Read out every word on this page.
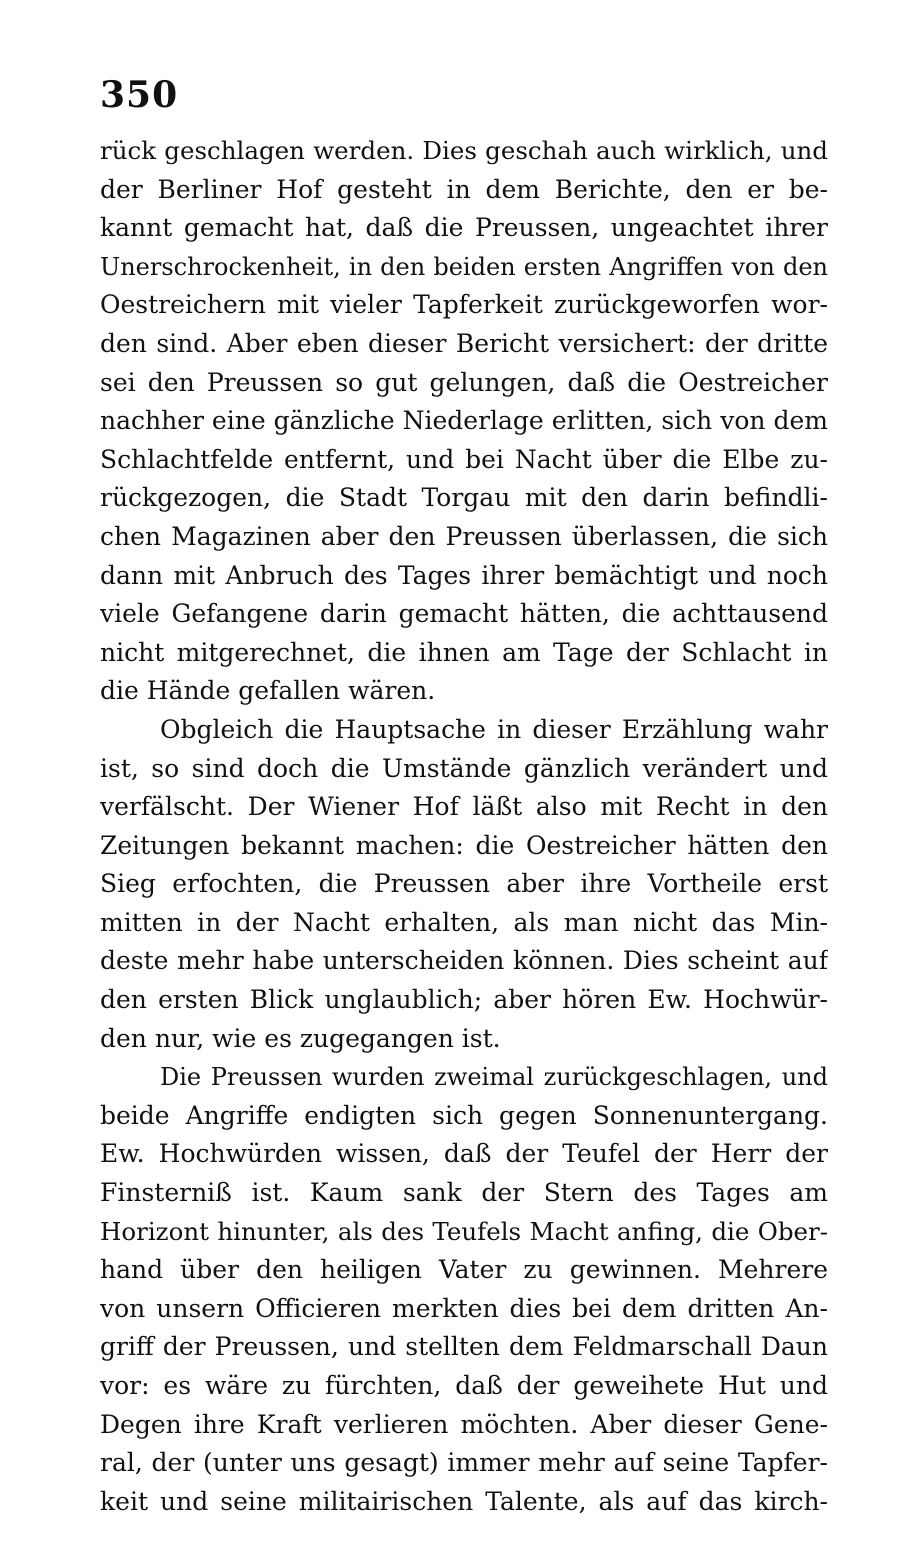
350
rück geschlagen werden. Dies geschah auch wirklich, und
der Berliner Hof gesteht in dem Berichte, den er be-
kannt gemacht hat, daß die Preussen, ungeachtet ihrer
Unerschrockenheit, in den beiden ersten Angriffen von den
Oestreichern mit vieler Tapferkeit zurückgeworfen wor-
den sind. Aber eben dieser Bericht versichert: der dritte
sei den Preussen so gut gelungen, daß die Oestreicher
nachher eine gänzliche Niederlage erlitten, sich von dem
Schlachtfelde entfernt, und bei Nacht über die Elbe zu-
rückgezogen, die Stadt Torgau mit den darin befindli-
chen Magazinen aber den Preussen überlassen, die sich
dann mit Anbruch des Tages ihrer bemächtigt und noch
viele Gefangene darin gemacht hätten, die achttausend
nicht mitgerechnet, die ihnen am Tage der Schlacht in
die Hände gefallen wären.
Obgleich die Hauptsache in dieser Erzählung wahr
ist, so sind doch die Umstände gänzlich verändert und
verfälscht. Der Wiener Hof läßt also mit Recht in den
Zeitungen bekannt machen: die Oestreicher hätten den
Sieg erfochten, die Preussen aber ihre Vortheile erst
mitten in der Nacht erhalten, als man nicht das Min-
deste mehr habe unterscheiden können. Dies scheint auf
den ersten Blick unglaublich; aber hören Ew. Hochwür-
den nur, wie es zugegangen ist.
Die Preussen wurden zweimal zurückgeschlagen, und
beide Angriffe endigten sich gegen Sonnenuntergang.
Ew. Hochwürden wissen, daß der Teufel der Herr der
Finsterniß ist. Kaum sank der Stern des Tages am
Horizont hinunter, als des Teufels Macht anfing, die Ober-
hand über den heiligen Vater zu gewinnen. Mehrere
von unsern Officieren merkten dies bei dem dritten An-
griff der Preussen, und stellten dem Feldmarschall Daun
vor: es wäre zu fürchten, daß der geweihete Hut und
Degen ihre Kraft verlieren möchten. Aber dieser Gene-
ral, der (unter uns gesagt) immer mehr auf seine Tapfer-
keit und seine militairischen Talente, als auf das kirch-
